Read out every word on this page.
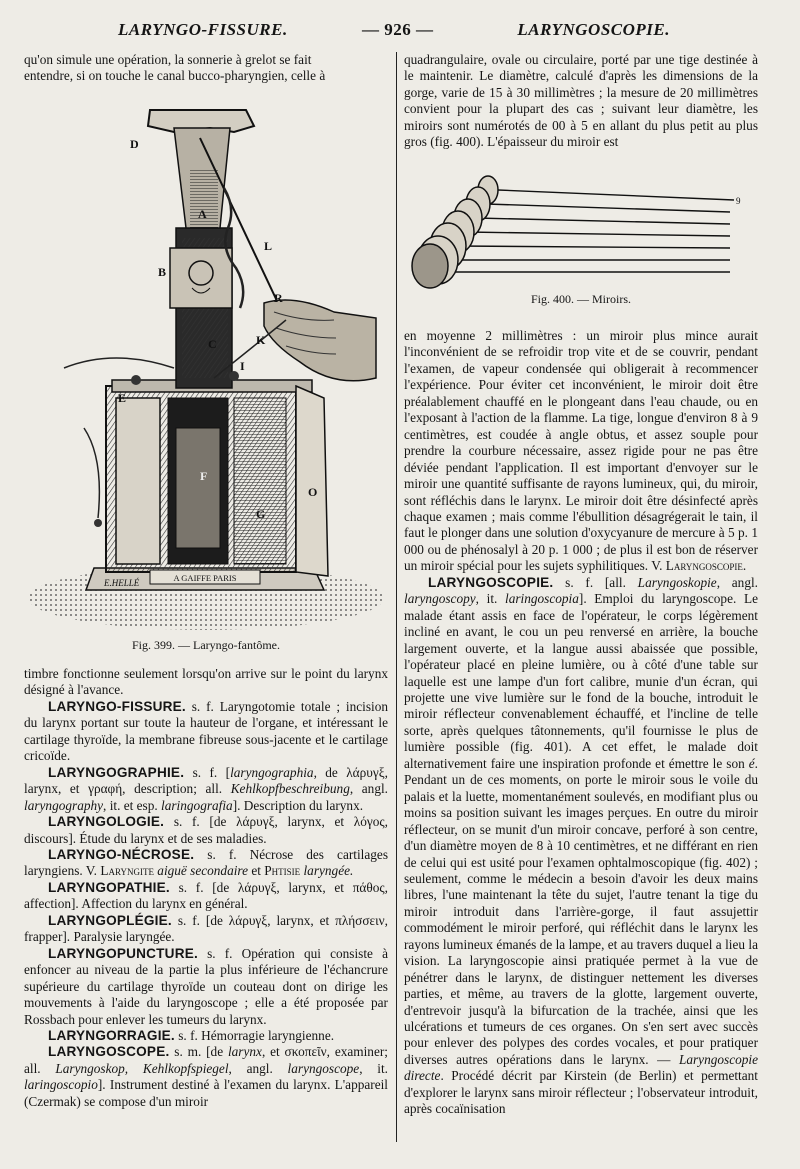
LARYNGO-FISSURE.	— 926 —	LARYNGOSCOPIE.

qu'on simule une opération, la sonnerie à grelot se fait

entendre, si on touche le canal bucco-pharyngien, celle à

A GAIFFE PARIS
E.HELLÉ
D
A
B
L
C	K
I
F
G
O
E
R
Fig. 399. — Laryngo-fantôme.

timbre fonctionne seulement lorsqu'on arrive sur le point du larynx désigné à l'avance.

LARYNGO-FISSURE. s. f. Laryngotomie totale ; incision du larynx portant sur toute la hauteur de l'organe, et intéressant le cartilage thyroïde, la membrane fibreuse sous-jacente et le cartilage cricoïde.

LARYNGOGRAPHIE. s. f. [laryngographia, de λάρυγξ, larynx, et γραφή, description; all. Kehlkopfbeschreibung, angl. laryngography, it. et esp. laringografia]. Description du larynx.

LARYNGOLOGIE. s. f. [de λάρυγξ, larynx, et λόγος, discours]. Étude du larynx et de ses maladies.

LARYNGO-NÉCROSE. s. f. Nécrose des cartilages laryngiens. V. Laryngite aiguë secondaire et Phtisie laryngée.

LARYNGOPATHIE. s. f. [de λάρυγξ, larynx, et πάθος, affection]. Affection du larynx en général.

LARYNGOPLÉGIE. s. f. [de λάρυγξ, larynx, et πλήσσειν, frapper]. Paralysie laryngée.

LARYNGOPUNCTURE. s. f. Opération qui consiste à enfoncer au niveau de la partie la plus inférieure de l'échancrure supérieure du cartilage thyroïde un couteau dont on dirige les mouvements à l'aide du laryngoscope ; elle a été proposée par Rossbach pour enlever les tumeurs du larynx.

LARYNGORRAGIE. s. f. Hémorragie laryngienne.

LARYNGOSCOPE. s. m. [de larynx, et σκοπεῖν, examiner; all. Laryngoskop, Kehlkopfspiegel, angl. laryngoscope, it. laringoscopio]. Instrument destiné à l'examen du larynx. L'appareil (Czermak) se compose d'un miroir

quadrangulaire, ovale ou circulaire, porté par une tige destinée à le maintenir. Le diamètre, calculé d'après les dimensions de la gorge, varie de 15 à 30 millimètres ; la mesure de 20 millimètres convient pour la plupart des cas ; suivant leur diamètre, les miroirs sont numérotés de 00 à 5 en allant du plus petit au plus gros (fig. 400). L'épaisseur du miroir est

9
Fig. 400. — Miroirs.

en moyenne 2 millimètres : un miroir plus mince aurait l'inconvénient de se refroidir trop vite et de se couvrir, pendant l'examen, de vapeur condensée qui obligerait à recommencer l'expérience. Pour éviter cet inconvénient, le miroir doit être préalablement chauffé en le plongeant dans l'eau chaude, ou en l'exposant à l'action de la flamme. La tige, longue d'environ 8 à 9 centimètres, est coudée à angle obtus, et assez souple pour prendre la courbure nécessaire, assez rigide pour ne pas être déviée pendant l'application. Il est important d'envoyer sur le miroir une quantité suffisante de rayons lumineux, qui, du miroir, sont réfléchis dans le larynx. Le miroir doit être désinfecté après chaque examen ; mais comme l'ébullition désagrégerait le tain, il faut le plonger dans une solution d'oxycyanure de mercure à 5 p. 1 000 ou de phénosalyl à 20 p. 1 000 ; de plus il est bon de réserver un miroir spécial pour les sujets syphilitiques. V. Laryngoscopie.

LARYNGOSCOPIE. s. f. [all. Laryngoskopie, angl. laryngoscopy, it. laringoscopia]. Emploi du laryngoscope. Le malade étant assis en face de l'opérateur, le corps légèrement incliné en avant, le cou un peu renversé en arrière, la bouche largement ouverte, et la langue aussi abaissée que possible, l'opérateur placé en pleine lumière, ou à côté d'une table sur laquelle est une lampe d'un fort calibre, munie d'un écran, qui projette une vive lumière sur le fond de la bouche, introduit le miroir réflecteur convenablement échauffé, et l'incline de telle sorte, après quelques tâtonnements, qu'il fournisse le plus de lumière possible (fig. 401). A cet effet, le malade doit alternativement faire une inspiration profonde et émettre le son é. Pendant un de ces moments, on porte le miroir sous le voile du palais et la luette, momentanément soulevés, en modifiant plus ou moins sa position suivant les images perçues. En outre du miroir réflecteur, on se munit d'un miroir concave, perforé à son centre, d'un diamètre moyen de 8 à 10 centimètres, et ne différant en rien de celui qui est usité pour l'examen ophtalmoscopique (fig. 402) ; seulement, comme le médecin a besoin d'avoir les deux mains libres, l'une maintenant la tête du sujet, l'autre tenant la tige du miroir introduit dans l'arrière-gorge, il faut assujettir commodément le miroir perforé, qui réfléchit dans le larynx les rayons lumineux émanés de la lampe, et au travers duquel a lieu la vision. La laryngoscopie ainsi pratiquée permet à la vue de pénétrer dans le larynx, de distinguer nettement les diverses parties, et même, au travers de la glotte, largement ouverte, d'entrevoir jusqu'à la bifurcation de la trachée, ainsi que les ulcérations et tumeurs de ces organes. On s'en sert avec succès pour enlever des polypes des cordes vocales, et pour pratiquer diverses autres opérations dans le larynx. — Laryngoscopie directe. Procédé décrit par Kirstein (de Berlin) et permettant d'explorer le larynx sans miroir réflecteur ; l'observateur introduit, après cocaïnisation
